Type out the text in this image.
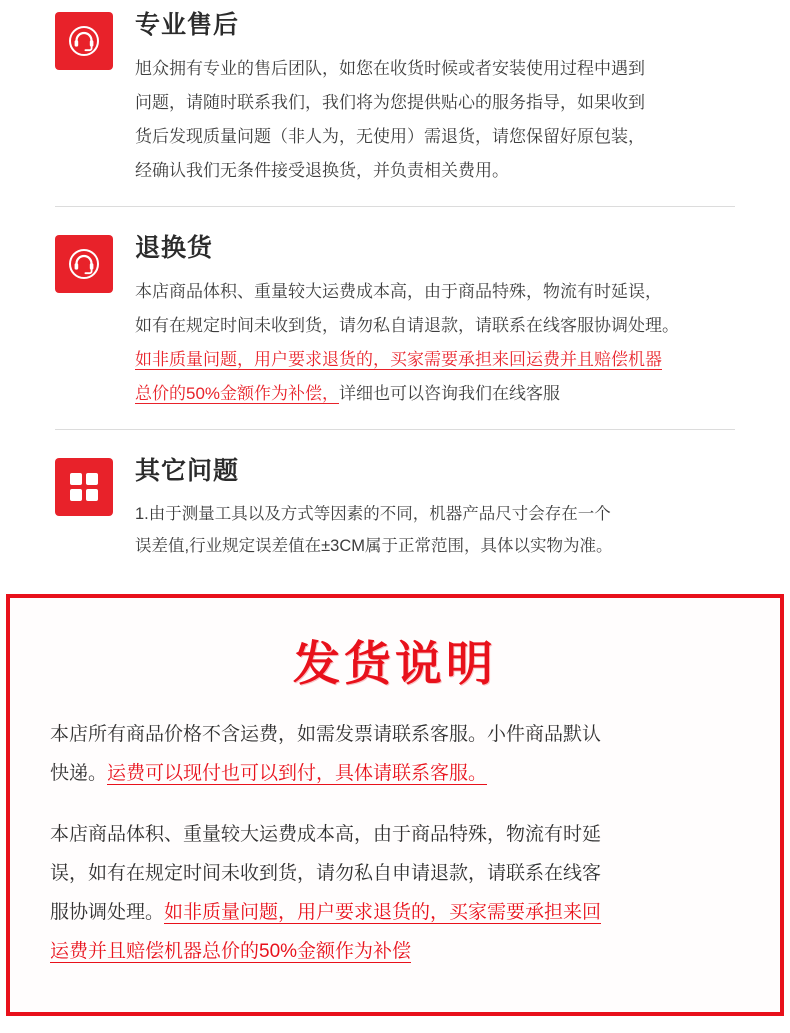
专业售后
旭众拥有专业的售后团队，如您在收货时候或者安装使用过程中遇到
问题，请随时联系我们，我们将为您提供贴心的服务指导，如果收到
货后发现质量问题（非人为，无使用）需退货，请您保留好原包装，
经确认我们无条件接受退换货，并负责相关费用。
退换货
本店商品体积、重量较大运费成本高，由于商品特殊，物流有时延误，
如有在规定时间未收到货，请勿私自请退款，请联系在线客服协调处理。
如非质量问题，用户要求退货的，买家需要承担来回运费并且赔偿机器
总价的50%金额作为补偿，详细也可以咨询我们在线客服
其它问题
1.由于测量工具以及方式等因素的不同，机器产品尺寸会存在一个
误差值,行业规定误差值在±3CM属于正常范围，具体以实物为准。
发货说明

本店所有商品价格不含运费，如需发票请联系客服。小件商品默认
快递。运费可以现付也可以到付，具体请联系客服。

本店商品体积、重量较大运费成本高，由于商品特殊，物流有时延
误，如有在规定时间未收到货，请勿私自申请退款，请联系在线客
服协调处理。如非质量问题，用户要求退货的，买家需要承担来回
运费并且赔偿机器总价的50%金额作为补偿
